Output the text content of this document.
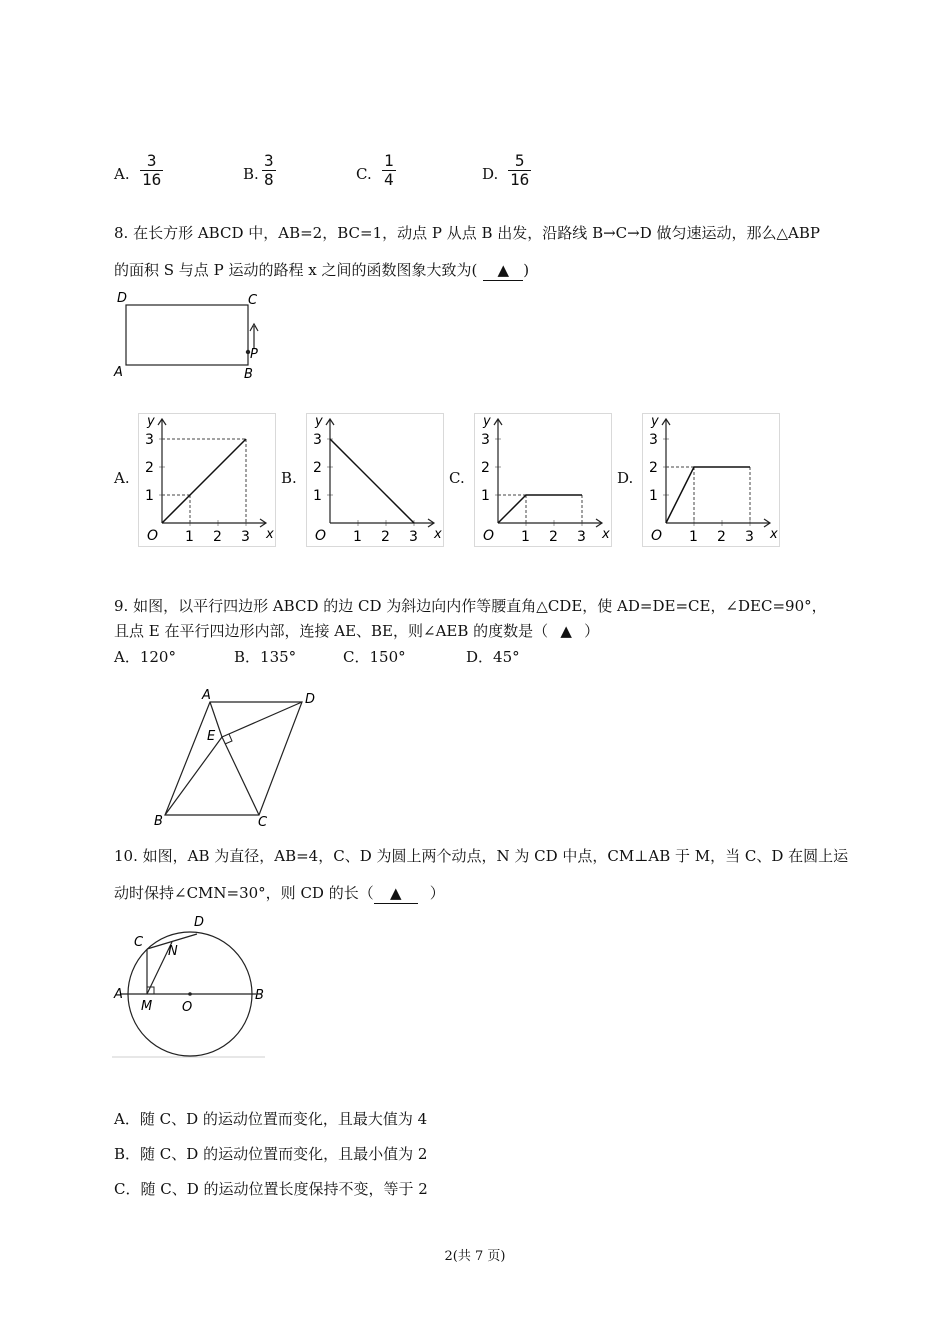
A. $\frac{3}{16}$	B. $\frac{3}{8}$	C. $\frac{1}{4}$	D. $\frac{5}{16}$
8. 在长方形 ABCD 中，AB=2，BC=1，动点 P 从点 B 出发，沿路线 B→C→D 做匀速运动，那么△ABP
的面积 S 与点 P 运动的路程 x 之间的函数图象大致为( ▲ )
D	C
A	B
P
A.	B.	C.	D.
y
x
O 1
1
2
2
3
3
y
x
O 1
1
2
2
3
3
y
x
O 1
1
2
2
3
3
y
x
O 1
1
2
2
3
3
9. 如图，以平行四边形 ABCD 的边 CD 为斜边向内作等腰直角△CDE，使 AD=DE=CE，∠DEC=90°，
且点 E 在平行四边形内部，连接 AE、BE，则∠AEB 的度数是（ ▲ ）
A．120°	B．135°	C．150°	D．45°
A	D
E
B	C
10. 如图，AB 为直径，AB=4，C、D 为圆上两个动点，N 为 CD 中点，CM⊥AB 于 M，当 C、D 在圆上运
动时保持∠CMN=30°，则 CD 的长（ ▲ ）
D
C
N
A
M O
B
A．随 C、D 的运动位置而变化，且最大值为 4
B．随 C、D 的运动位置而变化，且最小值为 2
C．随 C、D 的运动位置长度保持不变，等于 2
2(共 7 页)
